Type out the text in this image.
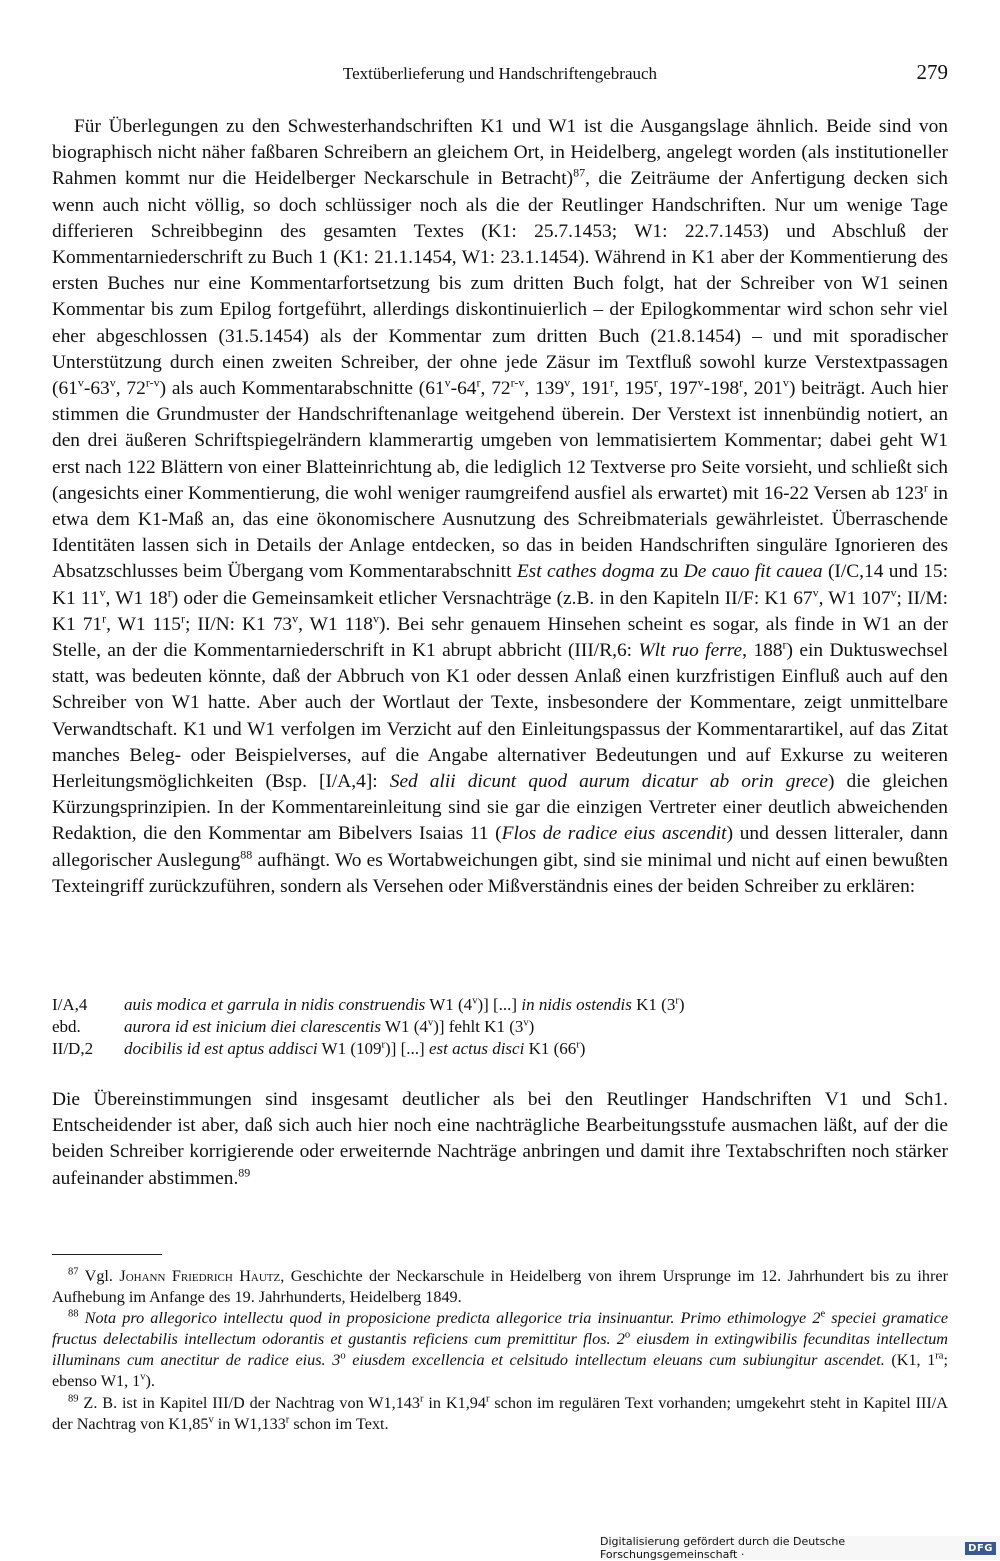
Textüberlieferung und Handschriftengebrauch	279

Für Überlegungen zu den Schwesterhandschriften K1 und W1 ist die Ausgangslage ähnlich. Beide sind von biographisch nicht näher faßbaren Schreibern an gleichem Ort, in Heidelberg, angelegt worden (als institutioneller Rahmen kommt nur die Heidelberger Neckarschule in Betracht)$^{87}$, die Zeiträume der Anfertigung decken sich wenn auch nicht völlig, so doch schlüssiger noch als die der Reutlinger Handschriften. Nur um wenige Tage differieren Schreibbeginn des gesamten Textes (K1: 25.7.1453; W1: 22.7.1453) und Abschluß der Kommentarniederschrift zu Buch 1 (K1: 21.1.1454, W1: 23.1.1454). Während in K1 aber der Kommentierung des ersten Buches nur eine Kommentarfortsetzung bis zum dritten Buch folgt, hat der Schreiber von W1 seinen Kommentar bis zum Epilog fortgeführt, allerdings diskontinuierlich – der Epilogkommentar wird schon sehr viel eher abgeschlossen (31.5.1454) als der Kommentar zum dritten Buch (21.8.1454) – und mit sporadischer Unterstützung durch einen zweiten Schreiber, der ohne jede Zäsur im Textfluß sowohl kurze Verstextpassagen (61$^v$-63$^v$, 72$^{r-v}$) als auch Kommentarabschnitte (61$^v$-64$^r$, 72$^{r-v}$, 139$^v$, 191$^r$, 195$^r$, 197$^v$-198$^r$, 201$^v$) beiträgt. Auch hier stimmen die Grundmuster der Handschriftenanlage weitgehend überein. Der Verstext ist innenbündig notiert, an den drei äußeren Schriftspiegelrändern klammerartig umgeben von lemmatisiertem Kommentar; dabei geht W1 erst nach 122 Blättern von einer Blatteinrichtung ab, die lediglich 12 Textverse pro Seite vorsieht, und schließt sich (angesichts einer Kommentierung, die wohl weniger raumgreifend ausfiel als erwartet) mit 16-22 Versen ab 123$^r$ in etwa dem K1-Maß an, das eine ökonomischere Ausnutzung des Schreibmaterials gewährleistet. Überraschende Identitäten lassen sich in Details der Anlage entdecken, so das in beiden Handschriften singuläre Ignorieren des Absatzschlusses beim Übergang vom Kommentarabschnitt Est cathes dogma zu De cauo fit cauea (I/C,14 und 15: K1 11$^v$, W1 18$^r$) oder die Gemeinsamkeit etlicher Versnachträge (z.B. in den Kapiteln II/F: K1 67$^v$, W1 107$^v$; II/M: K1 71$^r$, W1 115$^r$; II/N: K1 73$^v$, W1 118$^v$). Bei sehr genauem Hinsehen scheint es sogar, als finde in W1 an der Stelle, an der die Kommentarniederschrift in K1 abrupt abbricht (III/R,6: Wlt ruo ferre, 188$^r$) ein Duktuswechsel statt, was bedeuten könnte, daß der Abbruch von K1 oder dessen Anlaß einen kurzfristigen Einfluß auch auf den Schreiber von W1 hatte. Aber auch der Wortlaut der Texte, insbesondere der Kommentare, zeigt unmittelbare Verwandtschaft. K1 und W1 verfolgen im Verzicht auf den Einleitungspassus der Kommentarartikel, auf das Zitat manches Beleg- oder Beispielverses, auf die Angabe alternativer Bedeutungen und auf Exkurse zu weiteren Herleitungsmöglichkeiten (Bsp. [I/A,4]: Sed alii dicunt quod aurum dicatur ab orin grece) die gleichen Kürzungsprinzipien. In der Kommentareinleitung sind sie gar die einzigen Vertreter einer deutlich abweichenden Redaktion, die den Kommentar am Bibelvers Isaias 11 (Flos de radice eius ascendit) und dessen litteraler, dann allegorischer Auslegung$^{88}$ aufhängt. Wo es Wortabweichungen gibt, sind sie minimal und nicht auf einen bewußten Texteingriff zurückzuführen, sondern als Versehen oder Mißverständnis eines der beiden Schreiber zu erklären:

I/A,4	auis modica et garrula in nidis construendis W1 (4$^v$)] [...] in nidis ostendis K1 (3$^r$)
ebd.	aurora id est inicium diei clarescentis W1 (4$^v$)] fehlt K1 (3$^v$)
II/D,2	docibilis id est aptus addisci W1 (109$^r$)] [...] est actus disci K1 (66$^r$)
Die Übereinstimmungen sind insgesamt deutlicher als bei den Reutlinger Handschriften V1 und Sch1. Entscheidender ist aber, daß sich auch hier noch eine nachträgliche Bearbeitungsstufe ausmachen läßt, auf der die beiden Schreiber korrigierende oder erweiternde Nachträge anbringen und damit ihre Textabschriften noch stärker aufeinander abstimmen.$^{89}$

$^{87}$ Vgl. Johann Friedrich Hautz, Geschichte der Neckarschule in Heidelberg von ihrem Ursprunge im 12. Jahrhundert bis zu ihrer Aufhebung im Anfange des 19. Jahrhunderts, Heidelberg 1849.

$^{88}$ Nota pro allegorico intellectu quod in proposicione predicta allegorice tria insinuantur. Primo ethimologye 2e speciei gramatice fructus delectabilis intellectum odorantis et gustantis reficiens cum premittitur flos. 2$^o$ eiusdem in extingwibilis fecunditas intellectum illuminans cum anectitur de radice eius. 3$^o$ eiusdem excellencia et celsitudo intellectum eleuans cum subiungitur ascendet. (K1, $1^{ra}$; ebenso W1, 1$^v$).

$^{89}$ Z. B. ist in Kapitel III/D der Nachtrag von W1,143$^r$ in K1,94$^r$ schon im regulären Text vorhanden; umgekehrt steht in Kapitel III/A der Nachtrag von K1,85$^v$ in W1,133$^r$ schon im Text.

Digitalisierung gefördert durch die Deutsche Forschungsgemeinschaft ·	DFG
